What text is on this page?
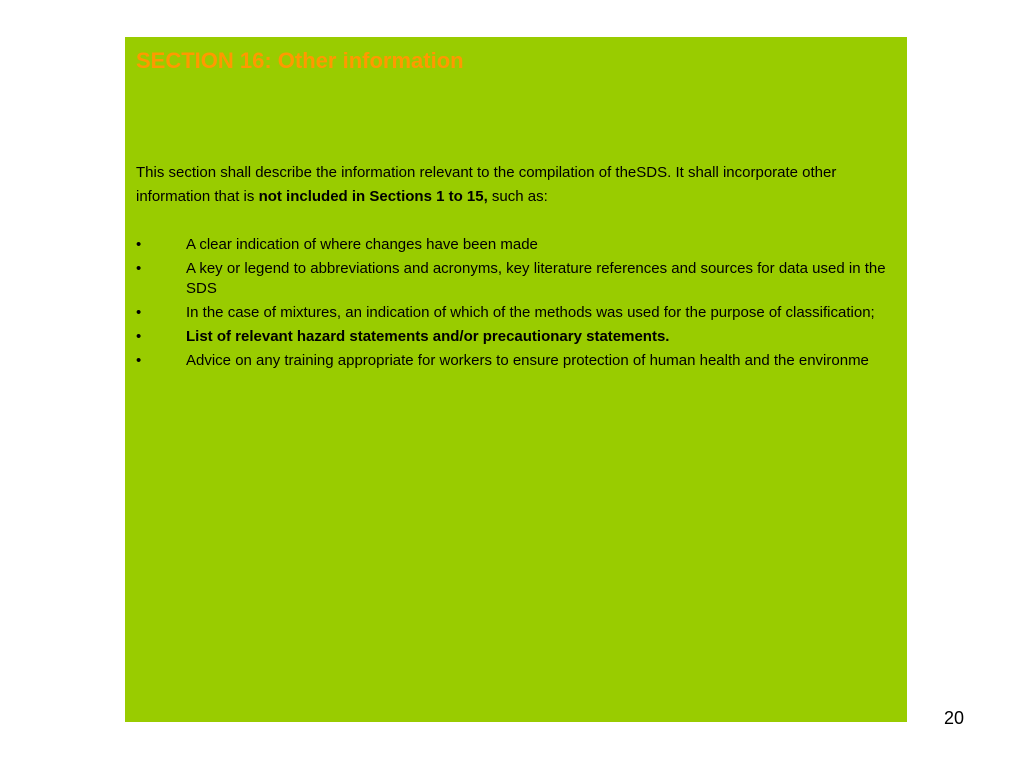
SECTION 16: Other information

This section shall describe the information relevant to the compilation of theSDS. It shall incorporate other information that is not included in Sections 1 to 15, such as:

•	A clear indication of where changes have been made
•	A key or legend to abbreviations and acronyms, key literature references and sources for data used in the SDS
•	In the case of mixtures, an indication of which of the methods was used for the purpose of classification;
•	List of relevant hazard statements and/or precautionary statements.
•	Advice on any training appropriate for workers to ensure protection of human health and the environme
20
